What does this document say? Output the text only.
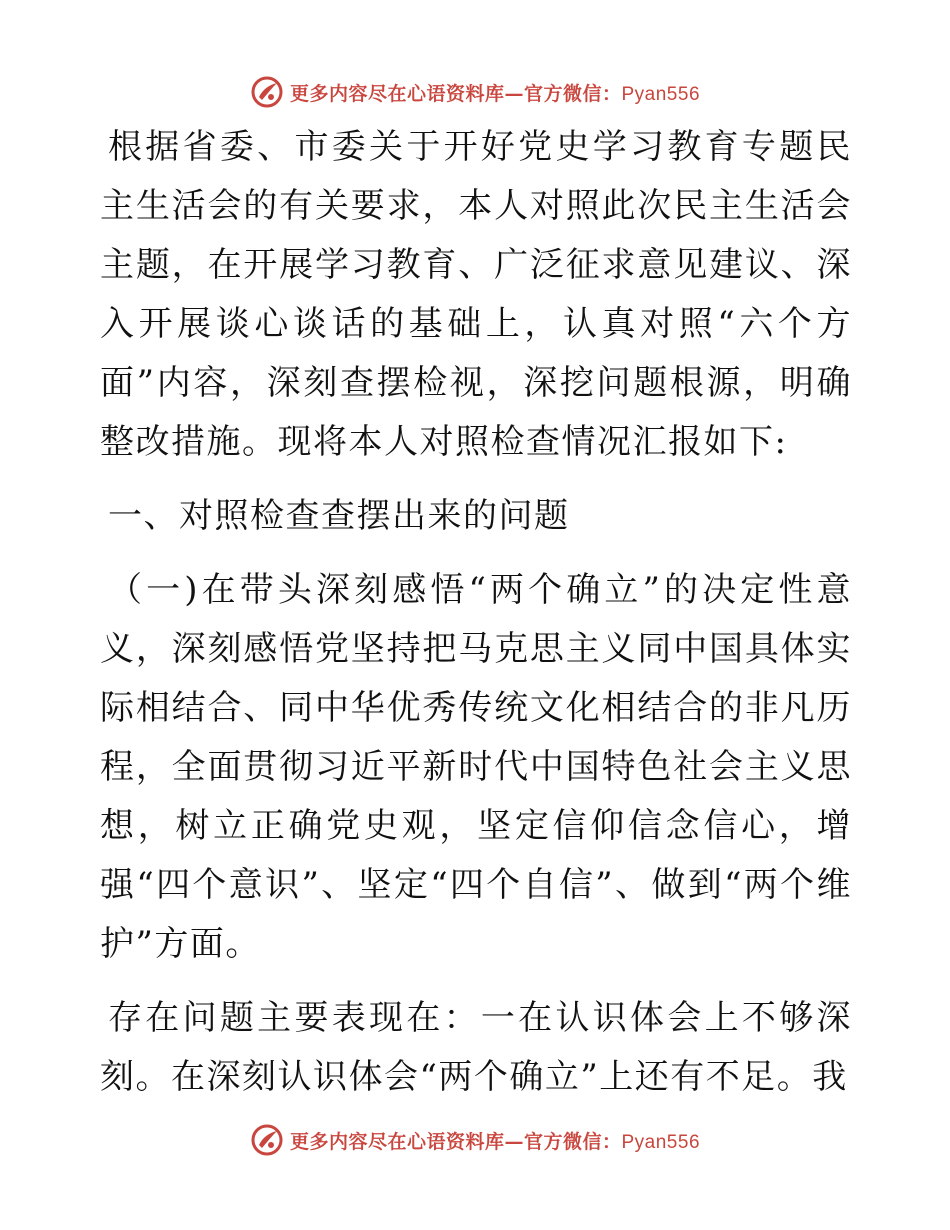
更多内容尽在心语资料库—官方微信：Pyan556

根据省委、市委关于开好党史学习教育专题民主生活会的有关要求，本人对照此次民主生活会主题，在开展学习教育、广泛征求意见建议、深入开展谈心谈话的基础上，认真对照“六个方面”内容，深刻查摆检视，深挖问题根源，明确整改措施。现将本人对照检查情况汇报如下:

一、对照检查查摆出来的问题

（一)在带头深刻感悟“两个确立”的决定性意义，深刻感悟党坚持把马克思主义同中国具体实际相结合、同中华优秀传统文化相结合的非凡历程，全面贯彻习近平新时代中国特色社会主义思想，树立正确党史观，坚定信仰信念信心，增强“四个意识”、坚定“四个自信”、做到“两个维护”方面。

存在问题主要表现在：一在认识体会上不够深刻。在深刻认识体会“两个确立”上还有不足。我

更多内容尽在心语资料库—官方微信：Pyan556
